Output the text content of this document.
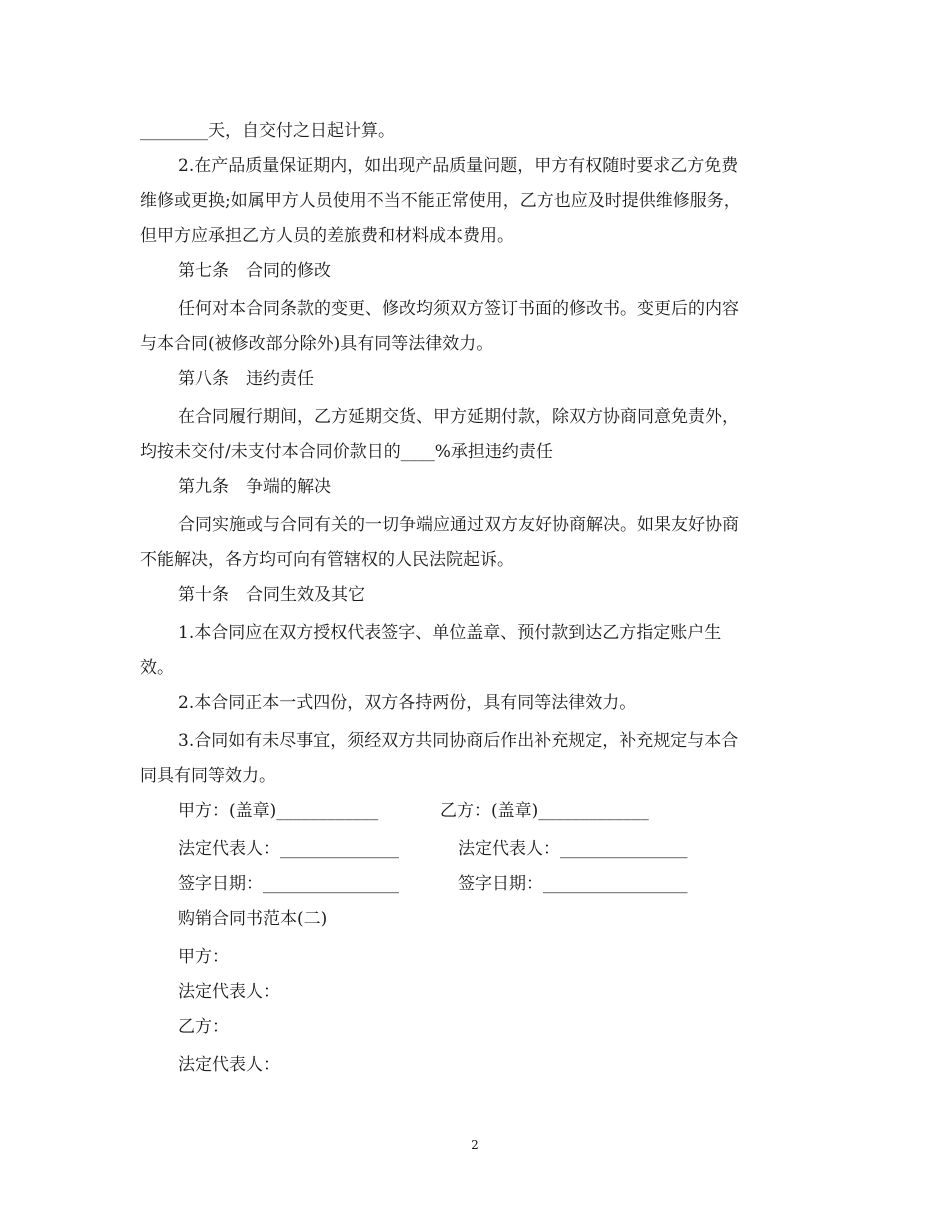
________天，自交付之日起计算。
2.在产品质量保证期内，如出现产品质量问题，甲方有权随时要求乙方免费
维修或更换;如属甲方人员使用不当不能正常使用，乙方也应及时提供维修服务，
但甲方应承担乙方人员的差旅费和材料成本费用。
第七条　合同的修改
任何对本合同条款的变更、修改均须双方签订书面的修改书。变更后的内容
与本合同(被修改部分除外)具有同等法律效力。
第八条　违约责任
在合同履行期间，乙方延期交货、甲方延期付款，除双方协商同意免责外，
均按未交付/未支付本合同价款日的____%承担违约责任
第九条　争端的解决
合同实施或与合同有关的一切争端应通过双方友好协商解决。如果友好协商
不能解决，各方均可向有管辖权的人民法院起诉。
第十条　合同生效及其它
1.本合同应在双方授权代表签字、单位盖章、预付款到达乙方指定账户生
效。
2.本合同正本一式四份，双方各持两份，具有同等法律效力。
3.合同如有未尽事宜，须经双方共同协商后作出补充规定，补充规定与本合
同具有同等效力。
甲方：(盖章)____________	乙方：(盖章)_____________
法定代表人：______________	法定代表人：_______________
签字日期：________________	签字日期：_________________
购销合同书范本(二)
甲方：
法定代表人：
乙方：
法定代表人：
2
